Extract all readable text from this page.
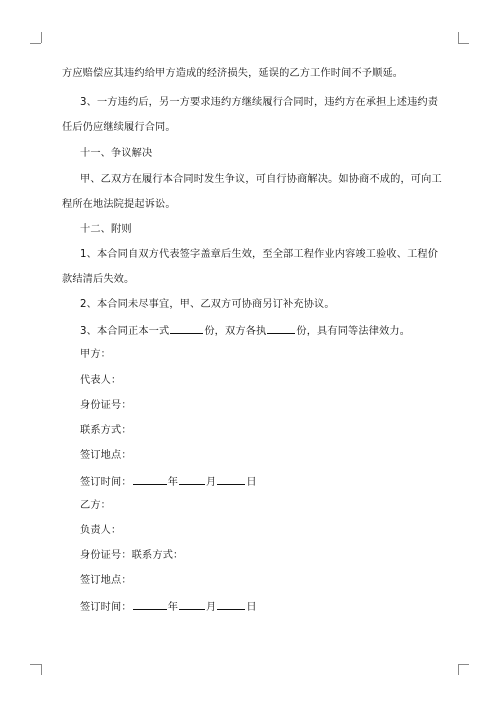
方应赔偿应其违约给甲方造成的经济损失，延误的乙方工作时间不予顺延。
3、一方违约后，另一方要求违约方继续履行合同时，违约方在承担上述违约责
任后仍应继续履行合同。
十一、争议解决
甲、乙双方在履行本合同时发生争议，可自行协商解决。如协商不成的，可向工
程所在地法院提起诉讼。
十二、附则
1、本合同自双方代表签字盖章后生效，至全部工程作业内容竣工验收、工程价
款结清后失效。
2、本合同未尽事宜，甲、乙双方可协商另订补充协议。
3、本合同正本一式	份，双方各执	份，具有同等法律效力。
甲方：
代表人：
身份证号：
联系方式：
签订地点：
签订时间：	年	月	日
乙方：
负责人：
身份证号：联系方式：
签订地点：
签订时间：	年	月	日
